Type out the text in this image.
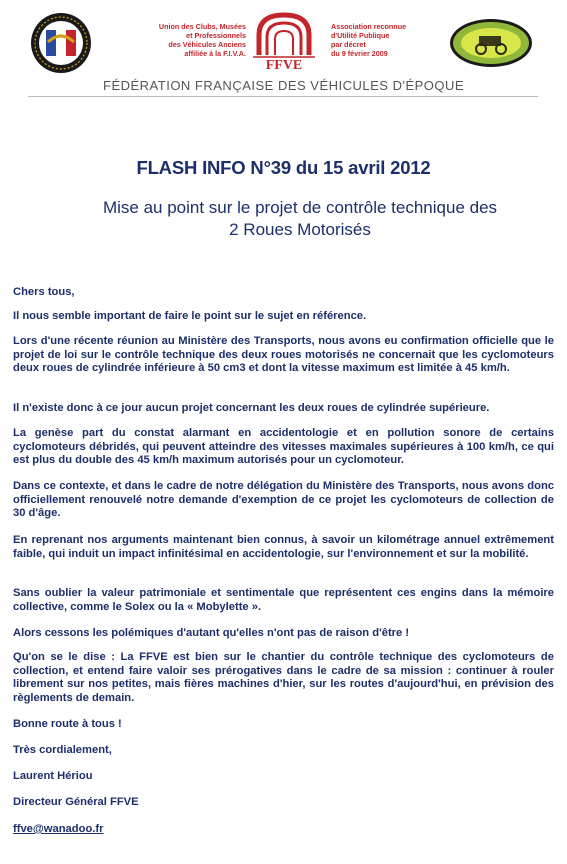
Union des Clubs, Musées
et Professionnels
des Véhicules Anciens
affiliée à la F.I.V.A.
FFVE
Association reconnue
d'Utilité Publique
par décret
du 9 février 2009
FÉDÉRATION FRANÇAISE DES VÉHICULES D'ÉPOQUE
FLASH INFO N°39 du 15 avril 2012
Mise au point sur le projet de contrôle technique des
2 Roues Motorisés

Chers tous,

Il nous semble important de faire le point sur le sujet en référence.

Lors d'une récente réunion au Ministère des Transports, nous avons eu confirmation officielle que le projet de loi sur le contrôle technique des deux roues motorisés ne concernait que les cyclomoteurs deux roues de cylindrée inférieure à 50 cm3 et dont la vitesse maximum est limitée à 45 km/h.

Il n'existe donc à ce jour aucun projet concernant les deux roues de cylindrée supérieure.

La genèse part du constat alarmant en accidentologie et en pollution sonore de certains cyclomoteurs débridés, qui peuvent atteindre des vitesses maximales supérieures à 100 km/h, ce qui est plus du double des 45 km/h maximum autorisés pour un cyclomoteur.

Dans ce contexte, et dans le cadre de notre délégation du Ministère des Transports, nous avons donc officiellement renouvelé notre demande d'exemption de ce projet les cyclomoteurs de collection de 30 d'âge.

En reprenant nos arguments maintenant bien connus, à savoir un kilométrage annuel extrêmement faible, qui induit un impact infinitésimal en accidentologie, sur l'environnement et sur la mobilité.

Sans oublier la valeur patrimoniale et sentimentale que représentent ces engins dans la mémoire collective, comme le Solex ou la « Mobylette ».

Alors cessons les polémiques d'autant qu'elles n'ont pas de raison d'être !

Qu'on se le dise : La FFVE est bien sur le chantier du contrôle technique des cyclomoteurs de collection, et entend faire valoir ses prérogatives dans le cadre de sa mission : continuer à rouler librement sur nos petites, mais fières machines d'hier, sur les routes d'aujourd'hui, en prévision des règlements de demain.

Bonne route à tous !

Très cordialement,

Laurent Hériou

Directeur Général FFVE

ffve@wanadoo.fr
